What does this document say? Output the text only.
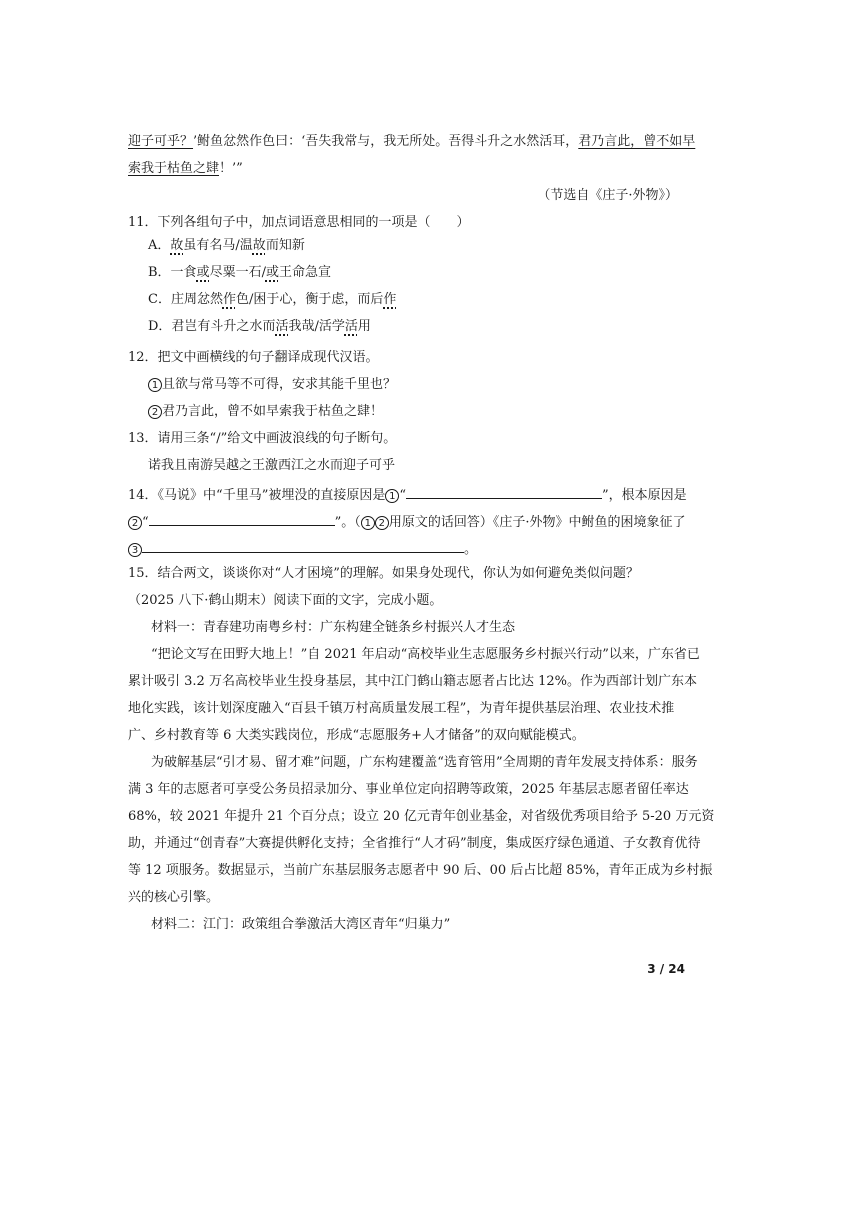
迎子可乎？’鲋鱼忿然作色曰：‘吾失我常与，我无所处。吾得斗升之水然活耳，君乃言此，曾不如早
索我于枯鱼之肆！’”
（节选自《庄子·外物》）
11．下列各组句子中，加点词语意思相同的一项是（　　）
A．故虽有名马/温故而知新
B．一食或尽粟一石/或王命急宣
C．庄周忿然作色/困于心，衡于虑，而后作
D．君岂有斗升之水而活我哉/活学活用
12．把文中画横线的句子翻译成现代汉语。
1 且欲与常马等不可得，安求其能千里也？
2 君乃言此，曾不如早索我于枯鱼之肆！
13．请用三条“/”给文中画波浪线的句子断句。
诺我且南游吴越之王激西江之水而迎子可乎
14．《马说》中“千里马”被埋没的直接原因是 1 “	”，根本原因是
2 “	”。（ 1 2 用原文的话回答）《庄子·外物》中鲋鱼的困境象征了
3	。
15．结合两文，谈谈你对“人才困境”的理解。如果身处现代，你认为如何避免类似问题？
（2025 八下·鹤山期末）阅读下面的文字，完成小题。
材料一：青春建功南粤乡村：广东构建全链条乡村振兴人才生态
“把论文写在田野大地上！”自 2021 年启动“高校毕业生志愿服务乡村振兴行动”以来，广东省已
累计吸引 3.2 万名高校毕业生投身基层，其中江门鹤山籍志愿者占比达 12%。作为西部计划广东本
地化实践，该计划深度融入“百县千镇万村高质量发展工程”，为青年提供基层治理、农业技术推
广、乡村教育等 6 大类实践岗位，形成“志愿服务+人才储备”的双向赋能模式。
为破解基层“引才易、留才难”问题，广东构建覆盖“选育管用”全周期的青年发展支持体系：服务
满 3 年的志愿者可享受公务员招录加分、事业单位定向招聘等政策，2025 年基层志愿者留任率达
68%，较 2021 年提升 21 个百分点；设立 20 亿元青年创业基金，对省级优秀项目给予 5-20 万元资
助，并通过“创青春”大赛提供孵化支持；全省推行“人才码”制度，集成医疗绿色通道、子女教育优待
等 12 项服务。数据显示，当前广东基层服务志愿者中 90 后、00 后占比超 85%，青年正成为乡村振
兴的核心引擎。
材料二：江门：政策组合拳激活大湾区青年“归巢力”
3 / 24
